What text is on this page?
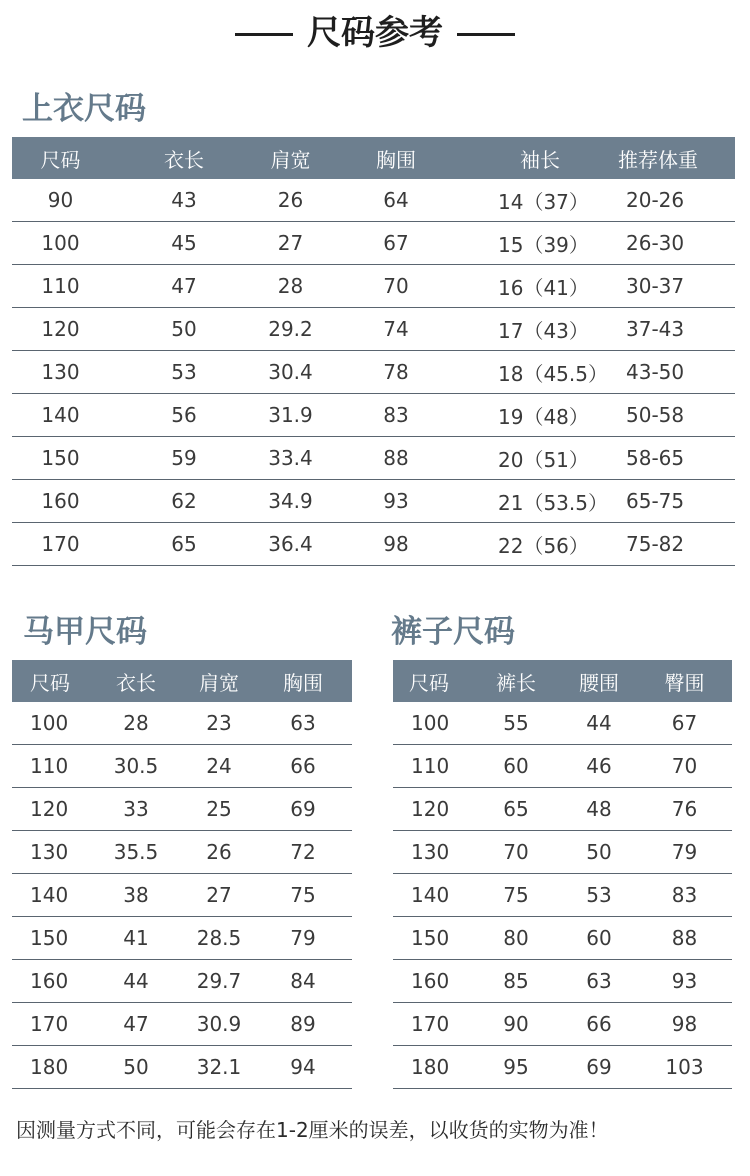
尺码参考
上衣尺码
尺码	衣长	肩宽	胸围	袖长	推荐体重
90	43	26	64	14（37）	20-26
100	45	27	67	15（39）	26-30
110	47	28	70	16（41）	30-37
120	50	29.2	74	17（43）	37-43
130	53	30.4	78	18（45.5）	43-50
140	56	31.9	83	19（48）	50-58
150	59	33.4	88	20（51）	58-65
160	62	34.9	93	21（53.5）	65-75
170	65	36.4	98	22（56）	75-82
马甲尺码
尺码	衣长	肩宽	胸围
100	28	23	63
110	30.5	24	66
120	33	25	69
130	35.5	26	72
140	38	27	75
150	41	28.5	79
160	44	29.7	84
170	47	30.9	89
180	50	32.1	94
裤子尺码
尺码	裤长	腰围	臀围
100	55	44	67
110	60	46	70
120	65	48	76
130	70	50	79
140	75	53	83
150	80	60	88
160	85	63	93
170	90	66	98
180	95	69	103
因测量方式不同，可能会存在1-2厘米的误差，以收货的实物为准！
